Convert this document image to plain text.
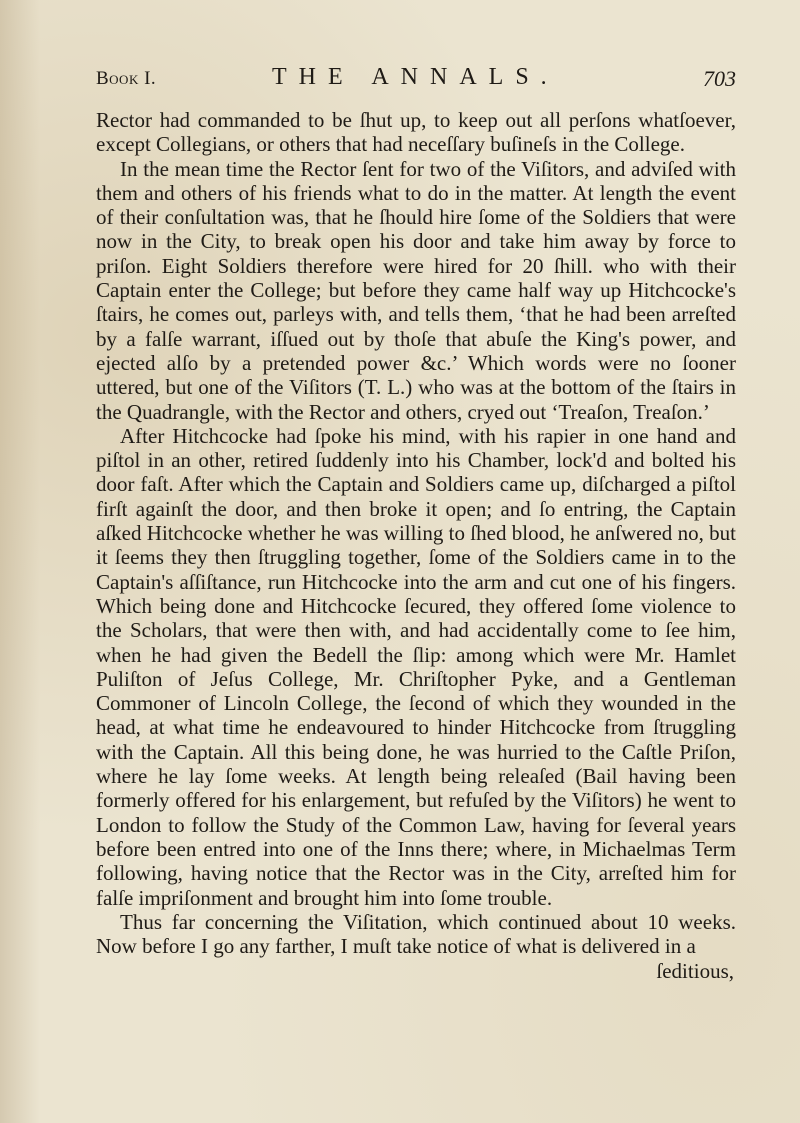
Book I.	THE ANNALS.	703

Rector had commanded to be ſhut up, to keep out all perſons whatſoever, except Collegians, or others that had neceſſary buſineſs in the College.

In the mean time the Rector ſent for two of the Viſitors, and adviſed with them and others of his friends what to do in the matter. At length the event of their conſultation was, that he ſhould hire ſome of the Soldiers that were now in the City, to break open his door and take him away by force to priſon. Eight Soldiers therefore were hired for 20 ſhill. who with their Captain enter the College; but before they came half way up Hitchcocke's ſtairs, he comes out, parleys with, and tells them, ‘that he had been arreſted by a falſe warrant, iſſued out by thoſe that abuſe the King's power, and ejected alſo by a pretended power &c.’ Which words were no ſooner uttered, but one of the Viſitors (T. L.) who was at the bottom of the ſtairs in the Quadrangle, with the Rector and others, cryed out ‘Treaſon, Treaſon.’

After Hitchcocke had ſpoke his mind, with his rapier in one hand and piſtol in an other, retired ſuddenly into his Chamber, lock'd and bolted his door faſt. After which the Captain and Soldiers came up, diſcharged a piſtol firſt againſt the door, and then broke it open; and ſo entring, the Captain aſked Hitchcocke whether he was willing to ſhed blood, he anſwered no, but it ſeems they then ſtruggling together, ſome of the Soldiers came in to the Captain's aſſiſtance, run Hitchcocke into the arm and cut one of his fingers. Which being done and Hitchcocke ſecured, they offered ſome violence to the Scholars, that were then with, and had accidentally come to ſee him, when he had given the Bedell the ſlip: among which were Mr. Hamlet Puliſton of Jeſus College, Mr. Chriſtopher Pyke, and a Gentleman Commoner of Lincoln College, the ſecond of which they wounded in the head, at what time he endeavoured to hinder Hitchcocke from ſtruggling with the Captain. All this being done, he was hurried to the Caſtle Priſon, where he lay ſome weeks. At length being releaſed (Bail having been formerly offered for his enlargement, but refuſed by the Viſitors) he went to London to follow the Study of the Common Law, having for ſeveral years before been entred into one of the Inns there; where, in Michaelmas Term following, having notice that the Rector was in the City, arreſted him for falſe impriſonment and brought him into ſome trouble.

Thus far concerning the Viſitation, which continued about 10 weeks. Now before I go any farther, I muſt take notice of what is delivered in a

ſeditious,
